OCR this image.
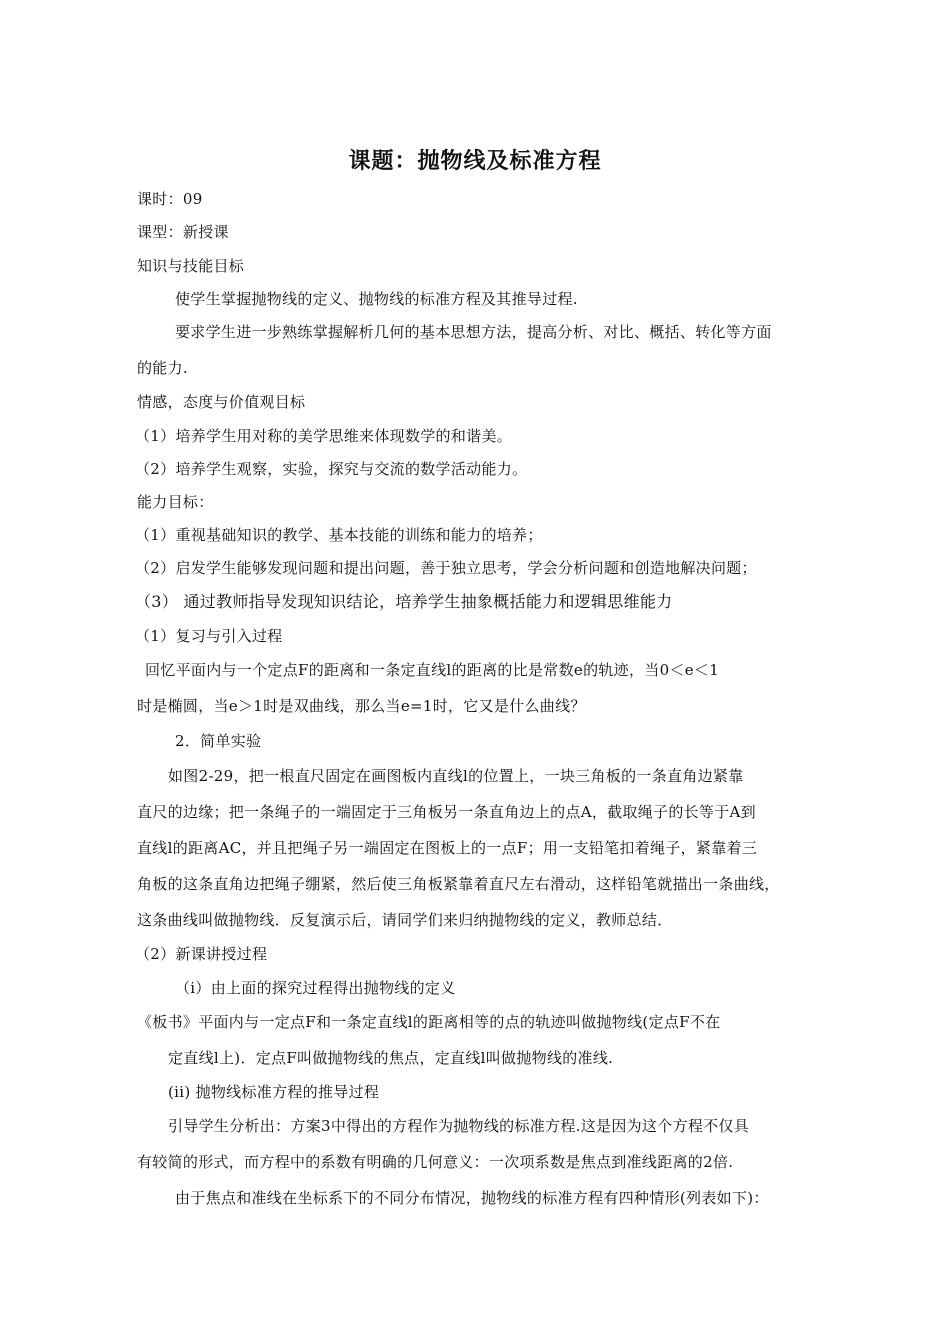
课题：抛物线及标准方程
课时：09
课型：新授课
知识与技能目标
使学生掌握抛物线的定义、抛物线的标准方程及其推导过程.
要求学生进一步熟练掌握解析几何的基本思想方法，提高分析、对比、概括、转化等方面
的能力.
情感，态度与价值观目标
（1）培养学生用对称的美学思维来体现数学的和谐美。
（2）培养学生观察，实验，探究与交流的数学活动能力。
能力目标：
（1）重视基础知识的教学、基本技能的训练和能力的培养；
（2）启发学生能够发现问题和提出问题，善于独立思考，学会分析问题和创造地解决问题；
（3） 通过教师指导发现知识结论，培养学生抽象概括能力和逻辑思维能力
（1）复习与引入过程
回忆平面内与一个定点F的距离和一条定直线l的距离的比是常数e的轨迹，当0＜e＜1
时是椭圆，当e＞1时是双曲线，那么当e=1时，它又是什么曲线？
2．简单实验
如图2-29，把一根直尺固定在画图板内直线l的位置上，一块三角板的一条直角边紧靠
直尺的边缘；把一条绳子的一端固定于三角板另一条直角边上的点A，截取绳子的长等于A到
直线l的距离AC，并且把绳子另一端固定在图板上的一点F；用一支铅笔扣着绳子，紧靠着三
角板的这条直角边把绳子绷紧，然后使三角板紧靠着直尺左右滑动，这样铅笔就描出一条曲线，
这条曲线叫做抛物线．反复演示后，请同学们来归纳抛物线的定义，教师总结．
（2）新课讲授过程
（i）由上面的探究过程得出抛物线的定义
《板书》平面内与一定点F和一条定直线l的距离相等的点的轨迹叫做抛物线(定点F不在
定直线l上)．定点F叫做抛物线的焦点，定直线l叫做抛物线的准线.
(ii) 抛物线标准方程的推导过程
引导学生分析出：方案3中得出的方程作为抛物线的标准方程.这是因为这个方程不仅具
有较简的形式，而方程中的系数有明确的几何意义：一次项系数是焦点到准线距离的2倍.
由于焦点和准线在坐标系下的不同分布情况，抛物线的标准方程有四种情形(列表如下)：
